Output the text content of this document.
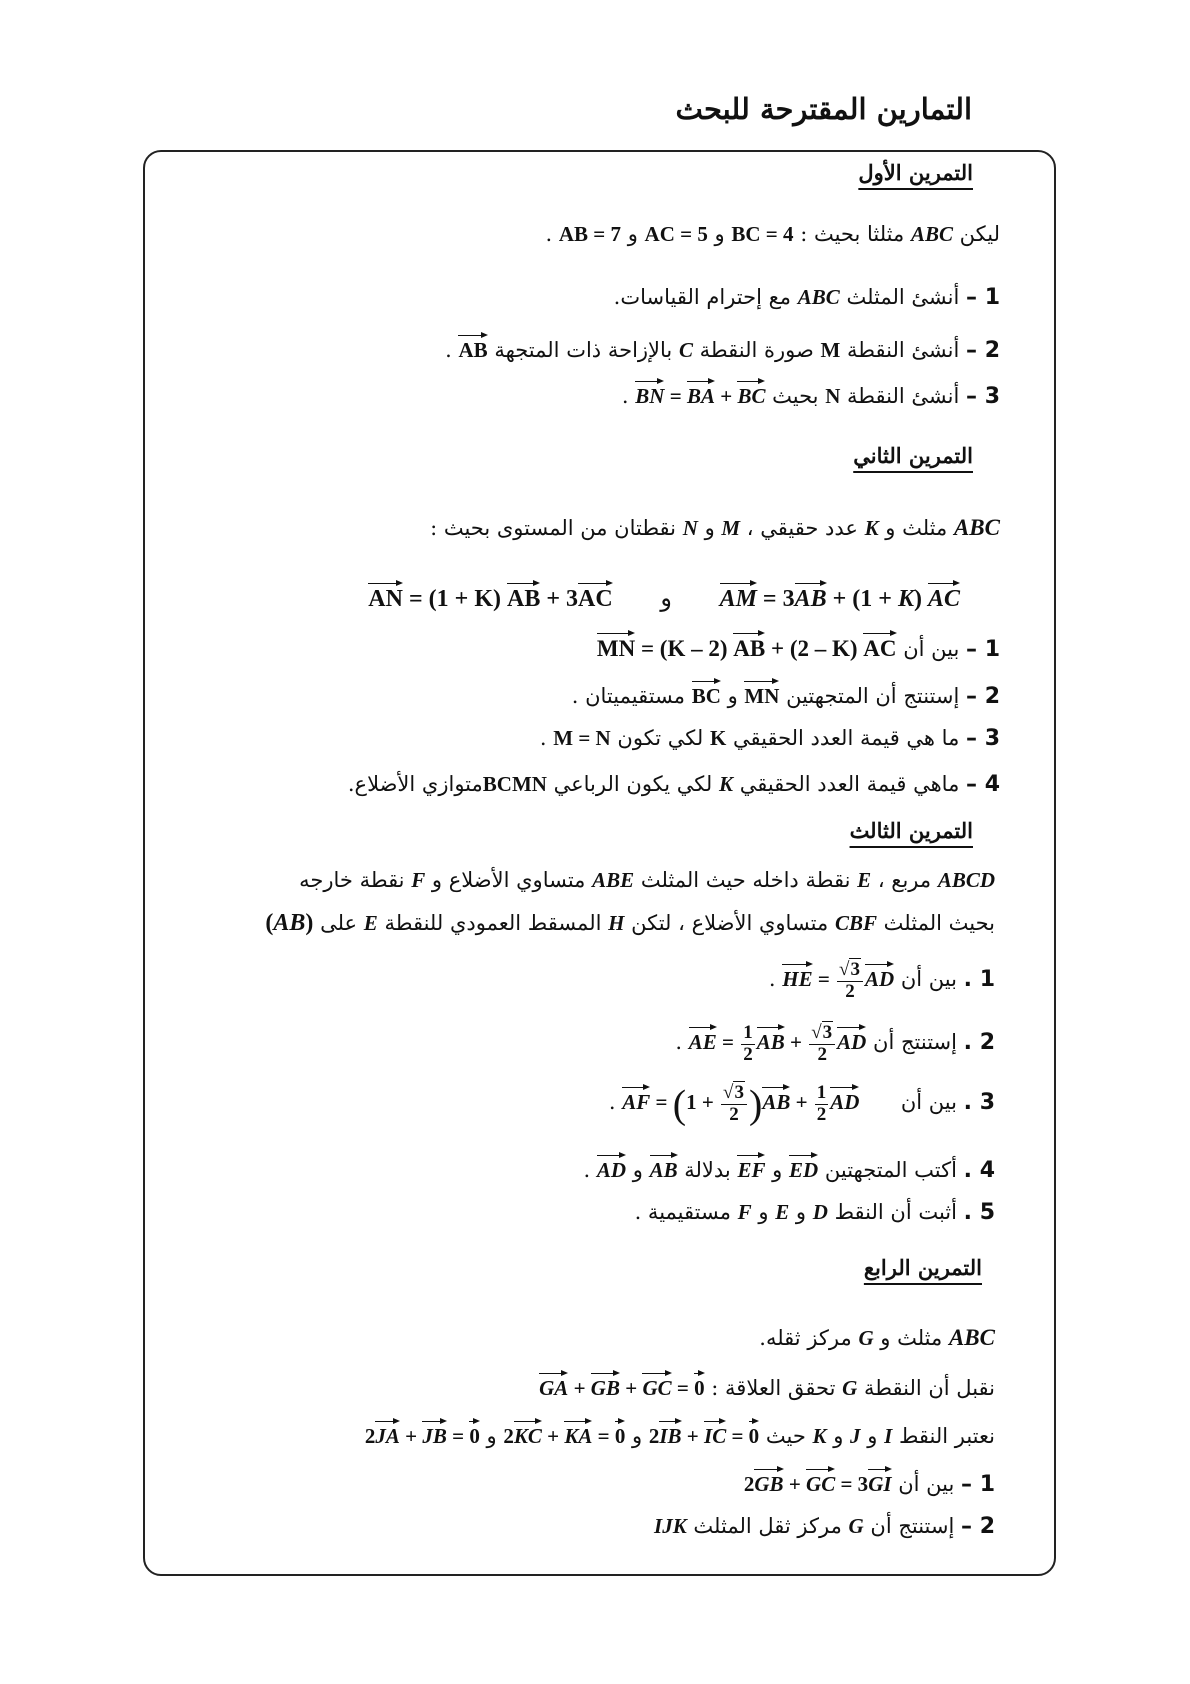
التمارين المقترحة للبحث
التمرين الأول
ليكن ABC مثلثا بحيث : BC = 4 و AC = 5 و AB = 7 .
1 – أنشئ المثلث ABC مع إحترام القياسات.
2 – أنشئ النقطة M صورة النقطة C بالإزاحة ذات المتجهة AB .
3 – أنشئ النقطة N بحيث BN = BA + BC .
التمرين الثاني
ABC مثلث و K عدد حقيقي ، M و N نقطتان من المستوى بحيث :
AM = 3AB + (1 + K) AC و AN = (1 + K) AB + 3AC
1 – بين أن MN = (K – 2) AB + (2 – K) AC
2 – إستنتج أن المتجهتين MN و BC مستقيميتان .
3 – ما هي قيمة العدد الحقيقي K لكي تكون M = N .
4 – ماهي قيمة العدد الحقيقي K لكي يكون الرباعي BCMNمتوازي الأضلاع.
التمرين الثالث
ABCD مربع ، E نقطة داخله حيث المثلث ABE متساوي الأضلاع و F نقطة خارجه
بحيث المثلث CBF متساوي الأضلاع ، لتكن H المسقط العمودي للنقطة E على (AB)
1 . بين أن HE = $\frac{√3}{2}$ AD .
2 . إستنتج أن AE = $\frac{1}{2}$ AB + $\frac{√3}{2}$ AD .
3 . بين أن  AF = $(1 + \frac{√3}{2} )AB + \frac{1}{2}$ AD .
4 . أكتب المتجهتين ED و EF بدلالة AB و AD .
5 . أثبت أن النقط D و E و F مستقيمية .
التمرين الرابع
ABC مثلث و G مركز ثقله.
نقبل أن النقطة G تحقق العلاقة : GA + GB + GC = 0
نعتبر النقط I و J و K حيث 2IB + IC = 0 و 2KC + KA = 0 و 2JA + JB = 0
1 – بين أن 2GB + GC = 3GI
2 – إستنتج أن G مركز ثقل المثلث IJK
